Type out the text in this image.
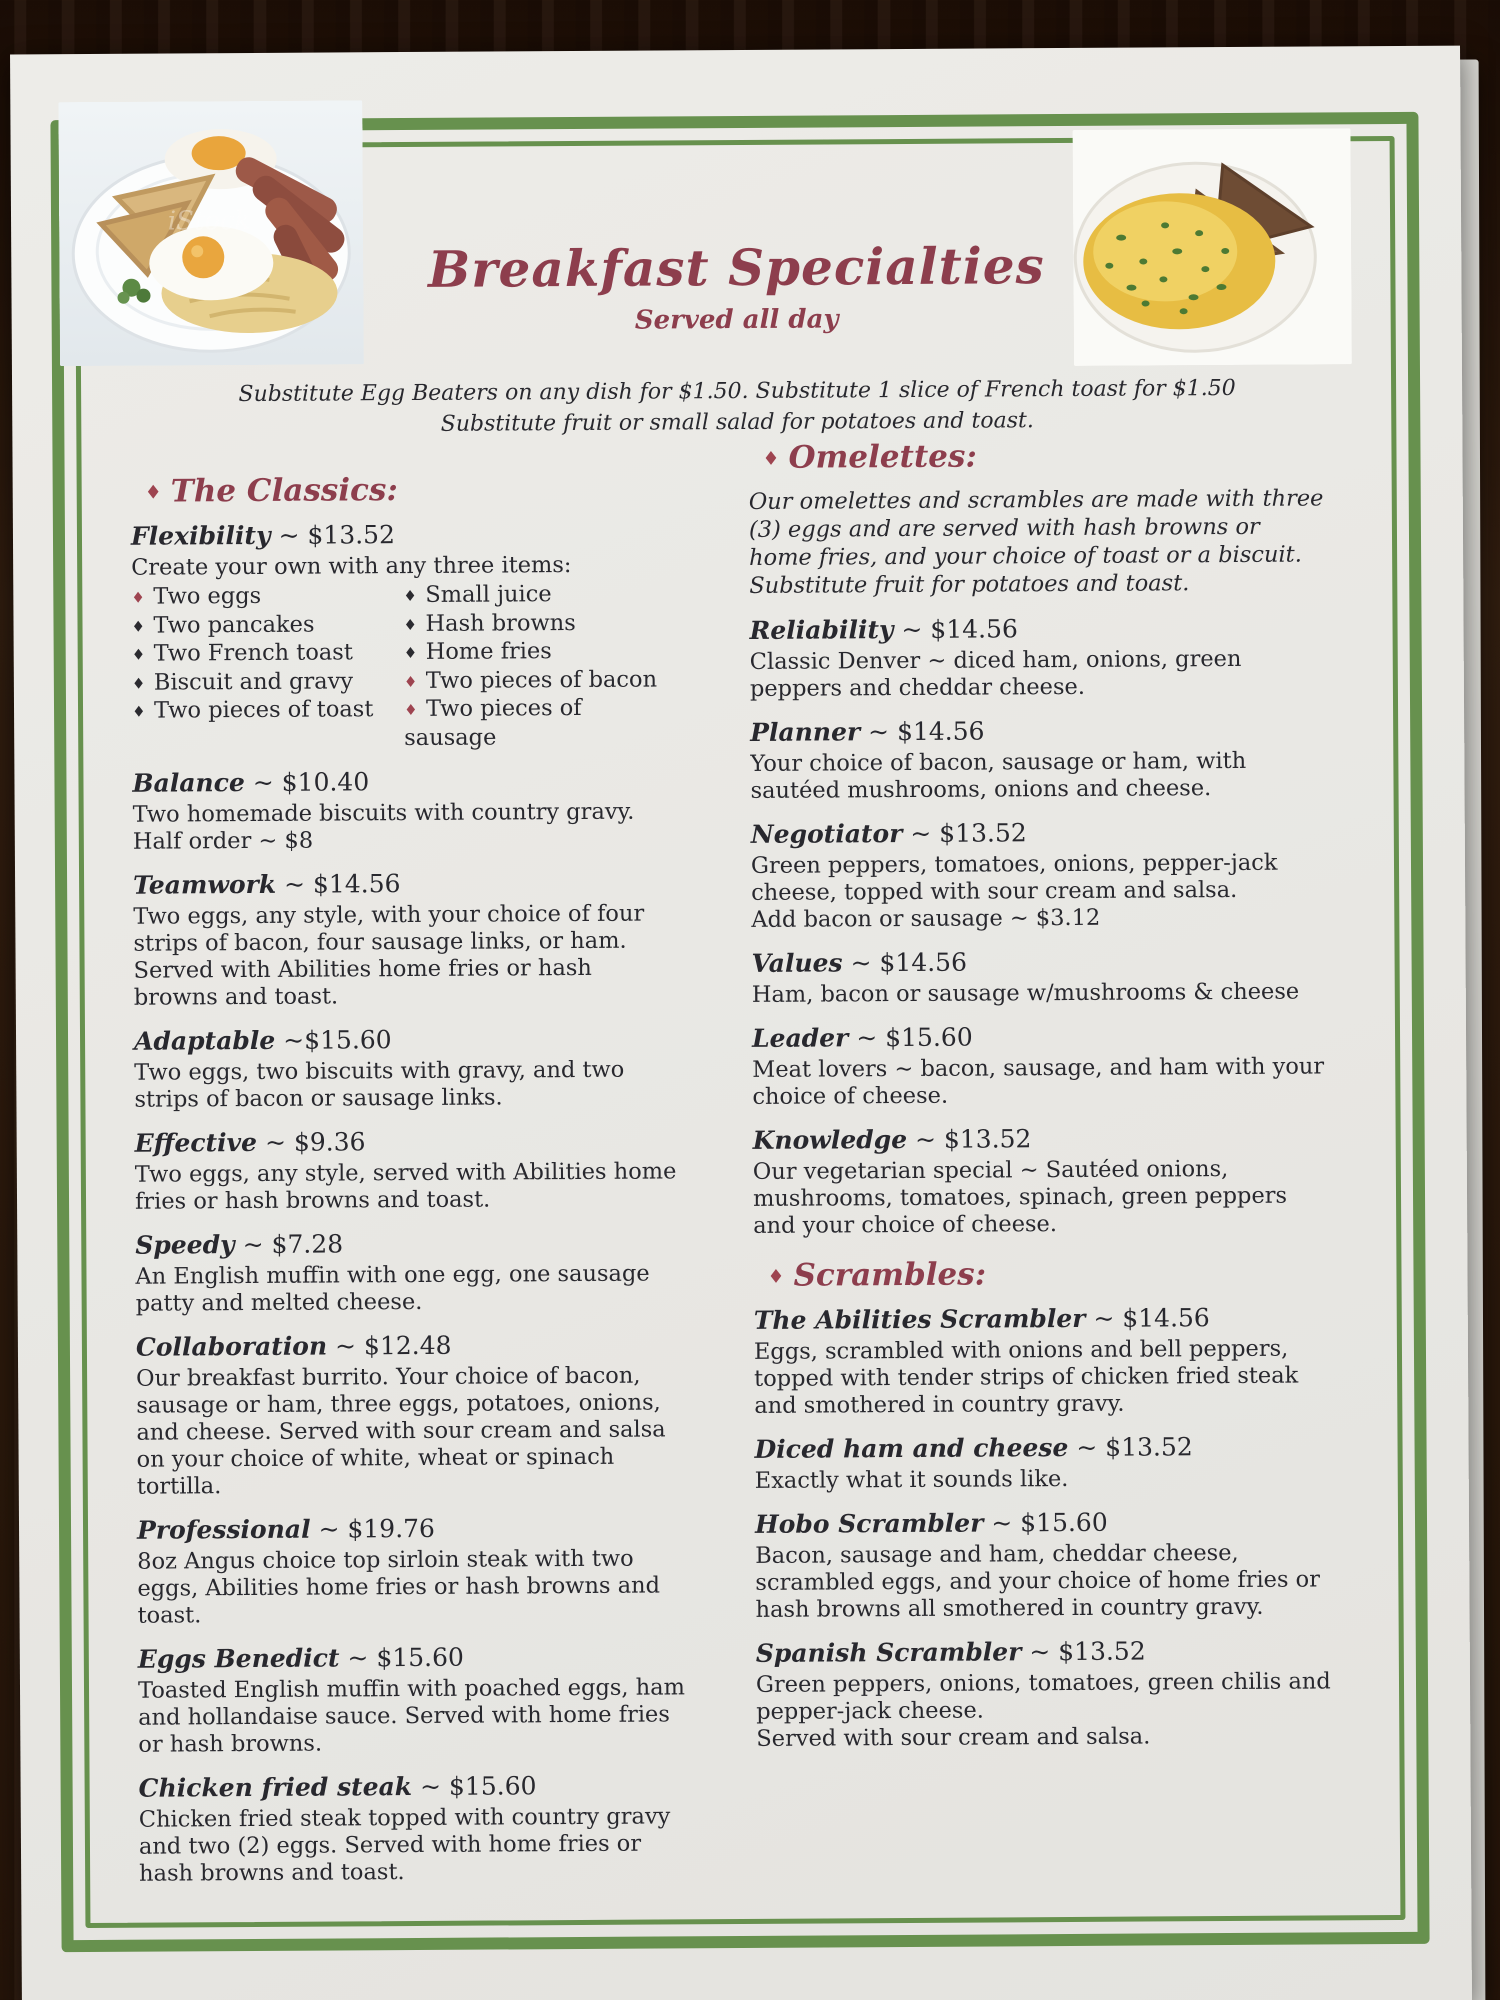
iStock
Breakfast Specialties
Served all day
Substitute Egg Beaters on any dish for $1.50. Substitute 1 slice of French toast for $1.50
Substitute fruit or small salad for potatoes and toast.
♦ The Classics:
Flexibility ~ $13.52
Create your own with any three items:
♦ Two eggs	♦ Small juice
♦ Two pancakes	♦ Hash browns
♦ Two French toast	♦ Home fries
♦ Biscuit and gravy	♦ Two pieces of bacon
♦ Two pieces of toast	♦ Two pieces of sausage
Balance ~ $10.40
Two homemade biscuits with country gravy.
Half order ~ $8
Teamwork ~ $14.56
Two eggs, any style, with your choice of four strips of bacon, four sausage links, or ham. Served with Abilities home fries or hash browns and toast.
Adaptable ~$15.60
Two eggs, two biscuits with gravy, and two strips of bacon or sausage links.
Effective ~ $9.36
Two eggs, any style, served with Abilities home fries or hash browns and toast.
Speedy ~ $7.28
An English muffin with one egg, one sausage patty and melted cheese.
Collaboration ~ $12.48
Our breakfast burrito. Your choice of bacon, sausage or ham, three eggs, potatoes, onions, and cheese. Served with sour cream and salsa on your choice of white, wheat or spinach tortilla.
Professional ~ $19.76
8oz Angus choice top sirloin steak with two eggs, Abilities home fries or hash browns and toast.
Eggs Benedict ~ $15.60
Toasted English muffin with poached eggs, ham and hollandaise sauce. Served with home fries or hash browns.
Chicken fried steak ~ $15.60
Chicken fried steak topped with country gravy and two (2) eggs. Served with home fries or hash browns and toast.
♦ Omelettes:
Our omelettes and scrambles are made with three (3) eggs and are served with hash browns or home fries, and your choice of toast or a biscuit. Substitute fruit for potatoes and toast.
Reliability ~ $14.56
Classic Denver ~ diced ham, onions, green peppers and cheddar cheese.
Planner ~ $14.56
Your choice of bacon, sausage or ham, with sautéed mushrooms, onions and cheese.
Negotiator ~ $13.52
Green peppers, tomatoes, onions, pepper-jack cheese, topped with sour cream and salsa.
Add bacon or sausage ~ $3.12
Values ~ $14.56
Ham, bacon or sausage w/mushrooms & cheese
Leader ~ $15.60
Meat lovers ~ bacon, sausage, and ham with your choice of cheese.
Knowledge ~ $13.52
Our vegetarian special ~ Sautéed onions, mushrooms, tomatoes, spinach, green peppers and your choice of cheese.
♦ Scrambles:
The Abilities Scrambler ~ $14.56
Eggs, scrambled with onions and bell peppers, topped with tender strips of chicken fried steak and smothered in country gravy.
Diced ham and cheese ~ $13.52
Exactly what it sounds like.
Hobo Scrambler ~ $15.60
Bacon, sausage and ham, cheddar cheese, scrambled eggs, and your choice of home fries or hash browns all smothered in country gravy.
Spanish Scrambler ~ $13.52
Green peppers, onions, tomatoes, green chilis and pepper-jack cheese.
Served with sour cream and salsa.
